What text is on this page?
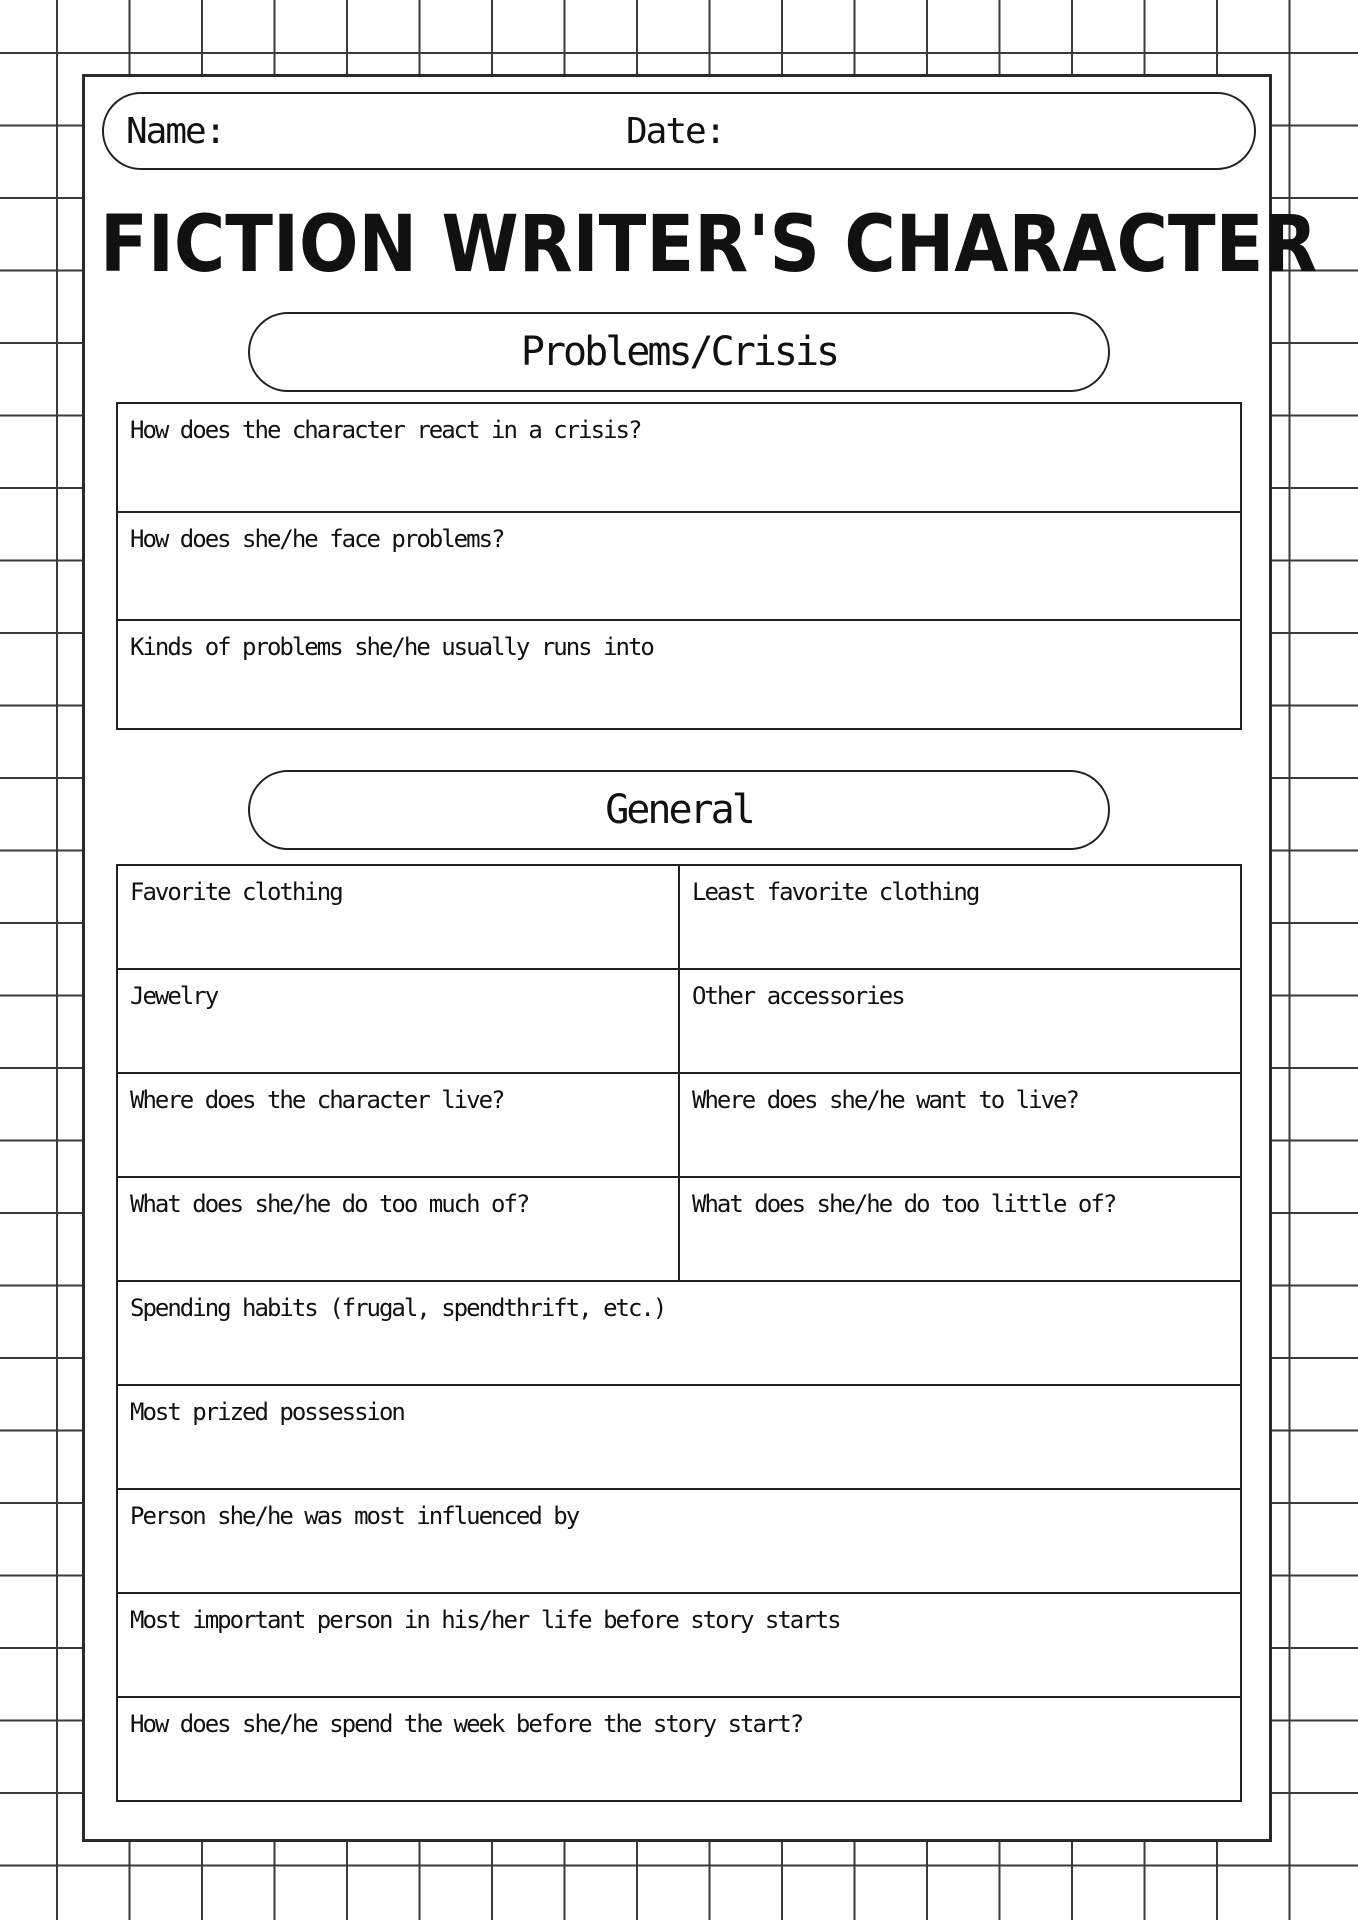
Name:	Date:
FICTION WRITER'S CHARACTER
Problems/Crisis
How does the character react in a crisis?
How does she/he face problems?
Kinds of problems she/he usually runs into
General
Favorite clothing	Least favorite clothing
Jewelry	Other accessories
Where does the character live?	Where does she/he want to live?
What does she/he do too much of?	What does she/he do too little of?
Spending habits (frugal, spendthrift, etc.)	
Most prized possession	
Person she/he was most influenced by	
Most important person in his/her life before story starts	
How does she/he spend the week before the story start?	
